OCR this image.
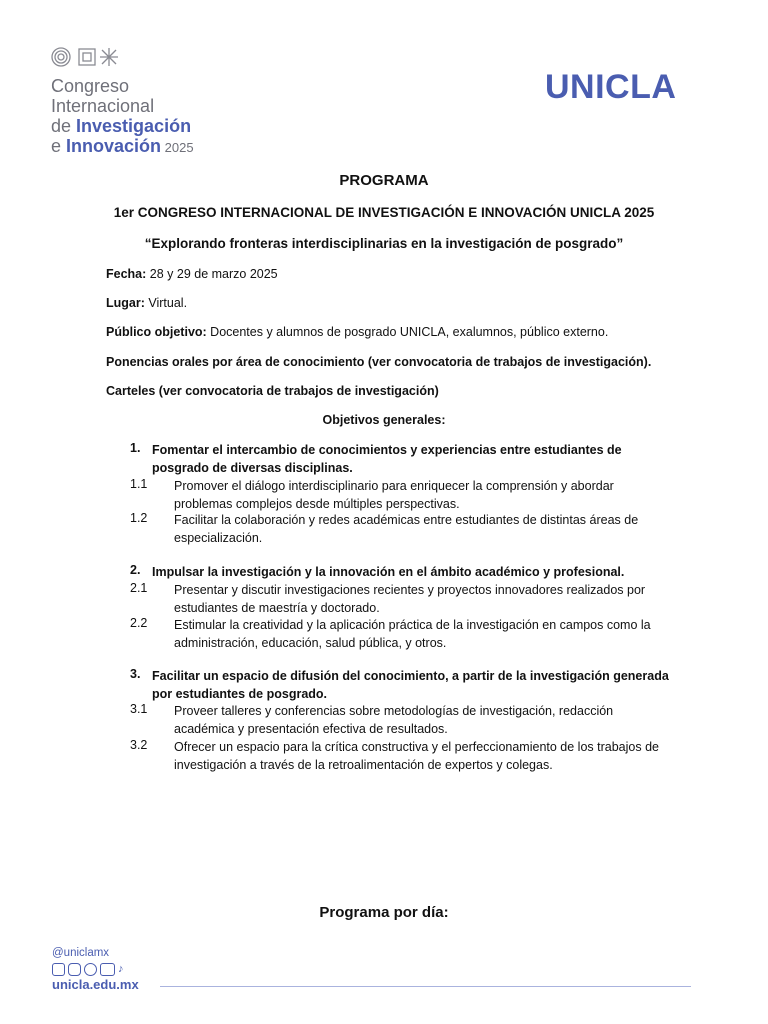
Congreso
Internacional
de Investigación
e Innovación 2025
UNICLA
PROGRAMA
1er CONGRESO INTERNACIONAL DE INVESTIGACIÓN E INNOVACIÓN UNICLA 2025
“Explorando fronteras interdisciplinarias en la investigación de posgrado”
Fecha: 28 y 29 de marzo 2025
Lugar: Virtual.
Público objetivo: Docentes y alumnos de posgrado UNICLA, exalumnos, público externo.
Ponencias orales por área de conocimiento (ver convocatoria de trabajos de investigación).
Carteles (ver convocatoria de trabajos de investigación)
Objetivos generales:
1. Fomentar el intercambio de conocimientos y experiencias entre estudiantes de posgrado de diversas disciplinas.
1.1 Promover el diálogo interdisciplinario para enriquecer la comprensión y abordar problemas complejos desde múltiples perspectivas.
1.2 Facilitar la colaboración y redes académicas entre estudiantes de distintas áreas de especialización.
2. Impulsar la investigación y la innovación en el ámbito académico y profesional.
2.1 Presentar y discutir investigaciones recientes y proyectos innovadores realizados por estudiantes de maestría y doctorado.
2.2 Estimular la creatividad y la aplicación práctica de la investigación en campos como la administración, educación, salud pública, y otros.
3. Facilitar un espacio de difusión del conocimiento, a partir de la investigación generada por estudiantes de posgrado.
3.1 Proveer talleres y conferencias sobre metodologías de investigación, redacción académica y presentación efectiva de resultados.
3.2 Ofrecer un espacio para la crítica constructiva y el perfeccionamiento de los trabajos de investigación a través de la retroalimentación de expertos y colegas.
Programa por día:
@uniclamx
♪
unicla.edu.mx
